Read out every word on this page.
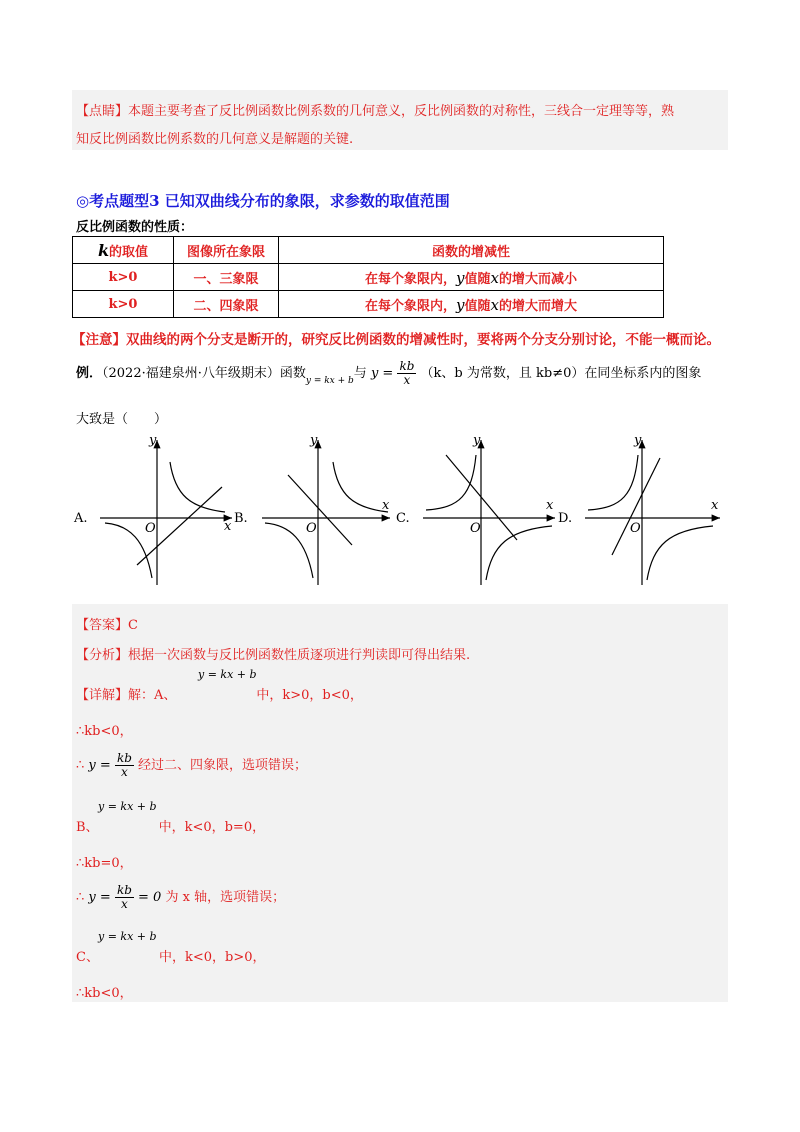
【点睛】本题主要考查了反比例函数比例系数的几何意义，反比例函数的对称性，三线合一定理等等，熟
知反比例函数比例系数的几何意义是解题的关键.
◎考点题型3 已知双曲线分布的象限，求参数的取值范围
反比例函数的性质：
k的取值	图像所在象限	函数的增减性
k>0	一、三象限	在每个象限内，y值随x的增大而减小
k>0	二、四象限	在每个象限内，y值随x的增大而增大
【注意】双曲线的两个分支是断开的，研究反比例函数的增减性时，要将两个分支分别讨论，不能一概而论。
例．（2022·福建泉州·八年级期末）函数$_{y = kx + b}$与 $y = \frac{kb}{x} (k$、b 为常数，且 kb≠0）在同坐标系内的图象
大致是（　　）
y
x
O
y
x
O
y
x
O
y
x
O
A.	B.	C.	D.
【答案】C
【分析】根据一次函数与反比例函数性质逐项进行判读即可得出结果.
y = kx + b
【详解】解：A、	中，k>0，b<0，
∴kb<0，
∴ $y = \frac{kb}{x}$ 经过二、四象限，选项错误；
y = kx + b
B、	中，k<0，b=0，
∴kb=0，
∴ $y = \frac{kb}{x} = 0$ 为 x 轴，选项错误；
y = kx + b
C、	中，k<0，b>0，
∴kb<0，
